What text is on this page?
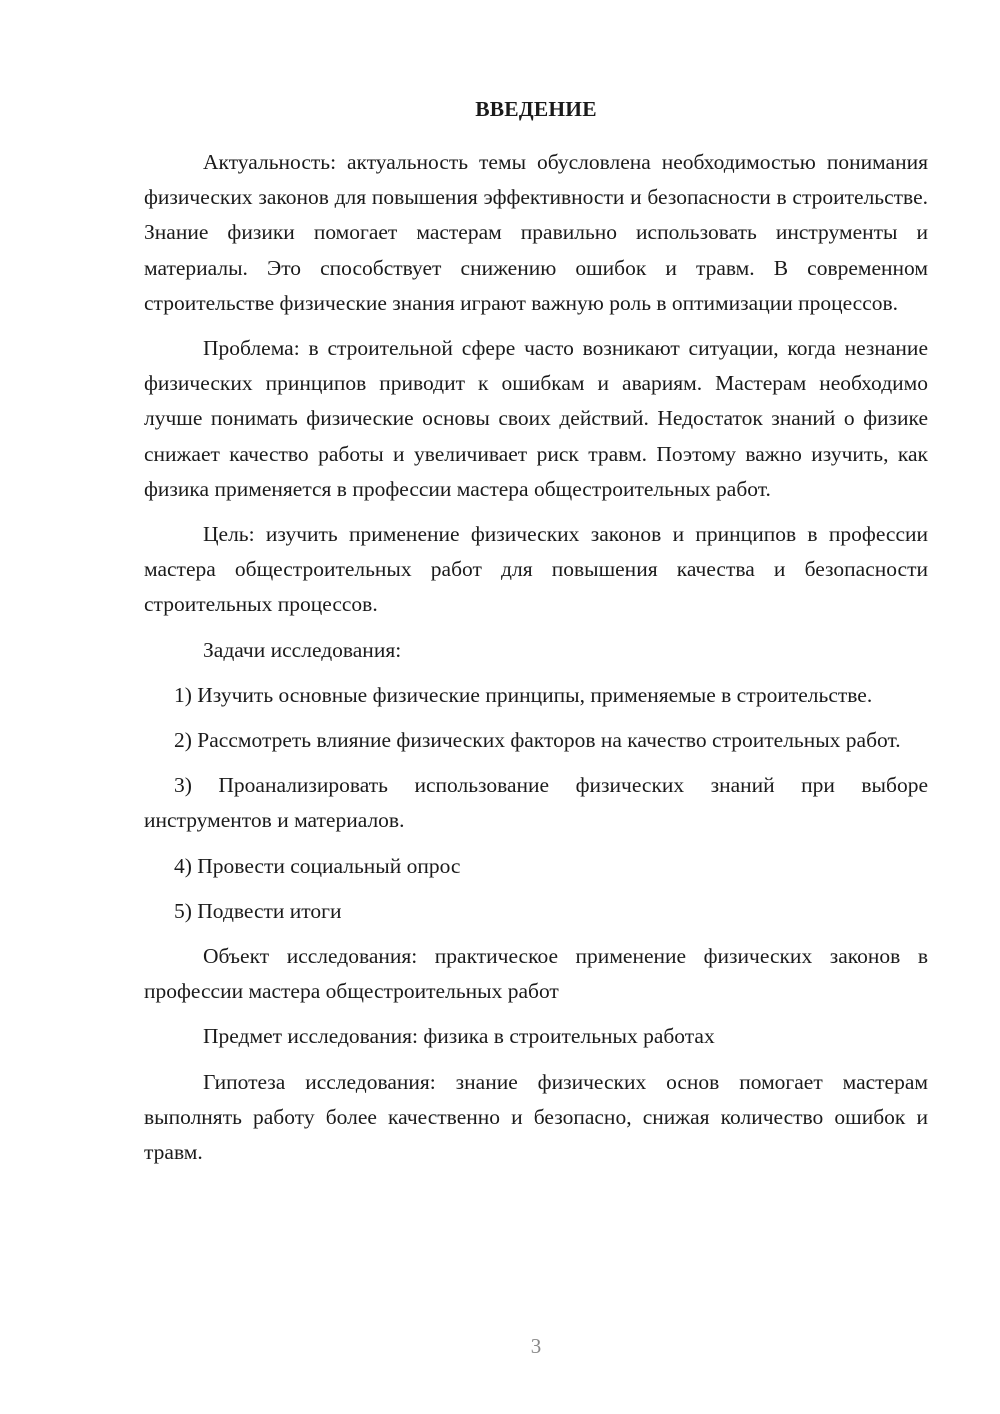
ВВЕДЕНИЕ

Актуальность: актуальность темы обусловлена необходимостью понимания физических законов для повышения эффективности и безопасности в строительстве. Знание физики помогает мастерам правильно использовать инструменты и материалы. Это способствует снижению ошибок и травм. В современном строительстве физические знания играют важную роль в оптимизации процессов.

Проблема: в строительной сфере часто возникают ситуации, когда незнание физических принципов приводит к ошибкам и авариям. Мастерам необходимо лучше понимать физические основы своих действий. Недостаток знаний о физике снижает качество работы и увеличивает риск травм. Поэтому важно изучить, как физика применяется в профессии мастера общестроительных работ.

Цель: изучить применение физических законов и принципов в профессии мастера общестроительных работ для повышения качества и безопасности строительных процессов.

Задачи исследования:

1) Изучить основные физические принципы, применяемые в строительстве.

2) Рассмотреть влияние физических факторов на качество строительных работ.

3) Проанализировать использование физических знаний при выборе инструментов и материалов.

4) Провести социальный опрос

5) Подвести итоги

Объект исследования: практическое применение физических законов в профессии мастера общестроительных работ

Предмет исследования: физика в строительных работах

Гипотеза исследования: знание физических основ помогает мастерам выполнять работу более качественно и безопасно, снижая количество ошибок и травм.

3
